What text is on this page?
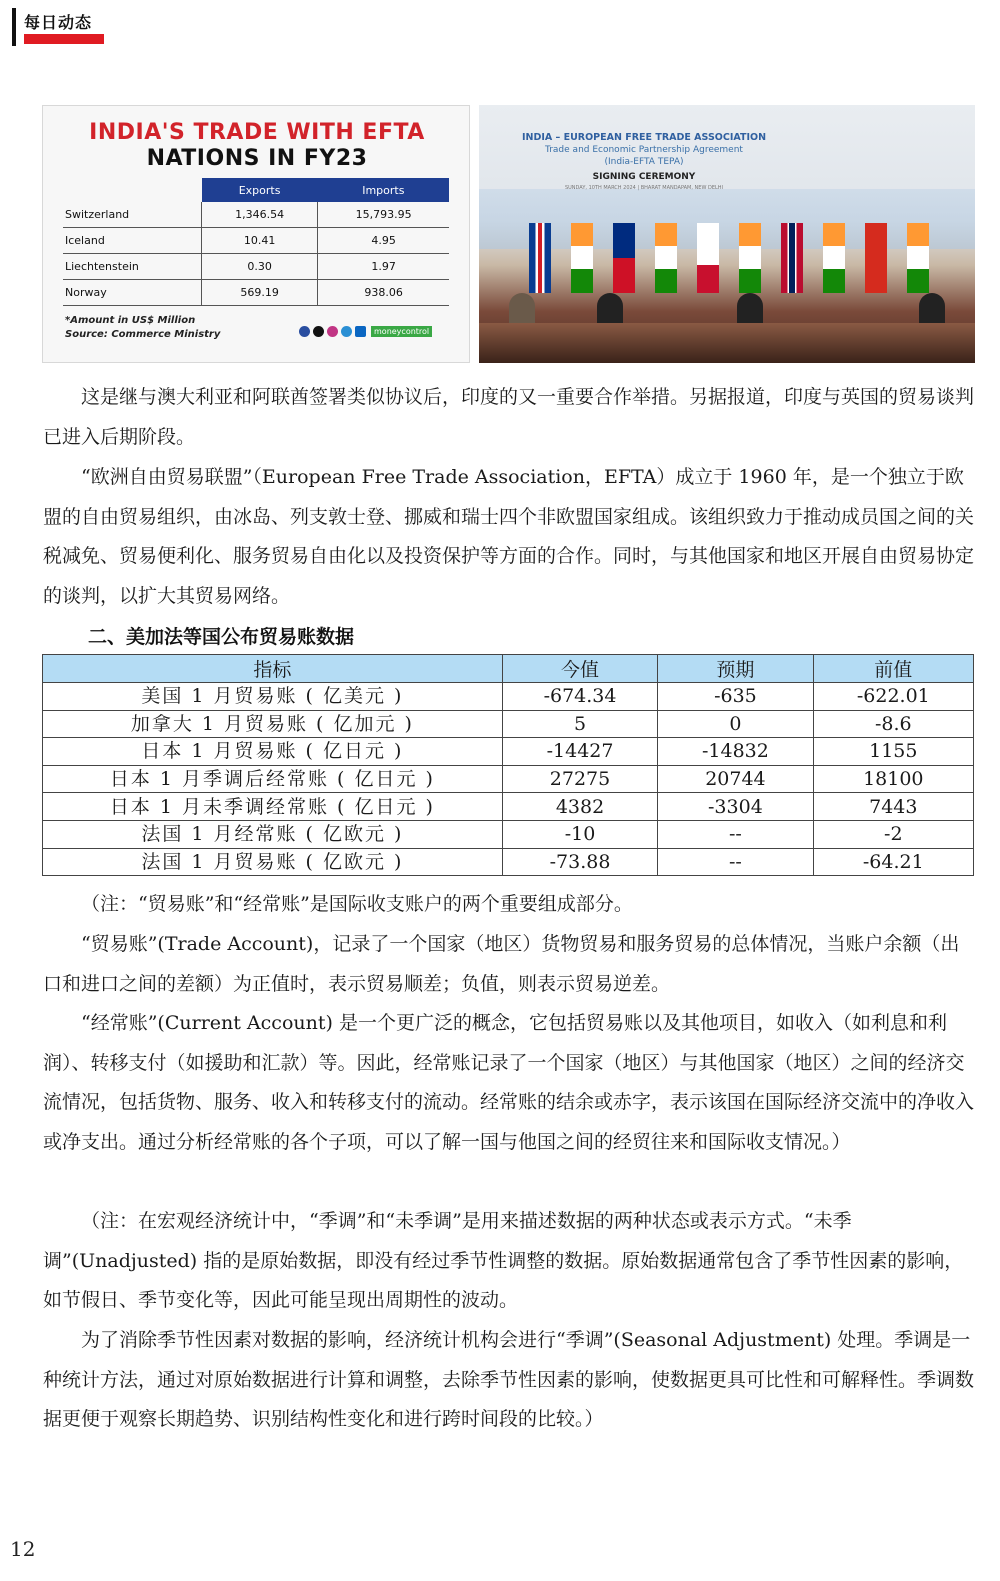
每日动态
INDIA'S TRADE WITH EFTA
NATIONS IN FY23
	Exports	Imports
Switzerland	1,346.54	15,793.95
Iceland	10.41	4.95
Liechtenstein	0.30	1.97
Norway	569.19	938.06
*Amount in US$ Million
Source: Commerce Ministry	moneycontrol
INDIA – EUROPEAN FREE TRADE ASSOCIATION
Trade and Economic Partnership Agreement
(India-EFTA TEPA)
SIGNING CEREMONY
SUNDAY, 10TH MARCH 2024 | BHARAT MANDAPAM, NEW DELHI

这是继与澳大利亚和阿联酋签署类似协议后，印度的又一重要合作举措。另据报道，印度与英国的贸易谈判已进入后期阶段。

“欧洲自由贸易联盟”（European Free Trade Association，EFTA）成立于 1960 年，是一个独立于欧盟的自由贸易组织，由冰岛、列支敦士登、挪威和瑞士四个非欧盟国家组成。该组织致力于推动成员国之间的关税减免、贸易便利化、服务贸易自由化以及投资保护等方面的合作。同时，与其他国家和地区开展自由贸易协定的谈判，以扩大其贸易网络。

二、美加法等国公布贸易账数据
指标	今值	预期	前值
美国 1 月贸易账 ( 亿美元 )	-674.34	-635	-622.01
加拿大 1 月贸易账 ( 亿加元 )	5	0	-8.6
日本 1 月贸易账 ( 亿日元 )	-14427	-14832	1155
日本 1 月季调后经常账 ( 亿日元 )	27275	20744	18100
日本 1 月未季调经常账 ( 亿日元 )	4382	-3304	7443
法国 1 月经常账 ( 亿欧元 )	-10	--	-2
法国 1 月贸易账 ( 亿欧元 )	-73.88	--	-64.21

（注：“贸易账”和“经常账”是国际收支账户的两个重要组成部分。

“贸易账”(Trade Account)，记录了一个国家（地区）货物贸易和服务贸易的总体情况，当账户余额（出口和进口之间的差额）为正值时，表示贸易顺差；负值，则表示贸易逆差。

“经常账”(Current Account) 是一个更广泛的概念，它包括贸易账以及其他项目，如收入（如利息和利润）、转移支付（如援助和汇款）等。因此，经常账记录了一个国家（地区）与其他国家（地区）之间的经济交流情况，包括货物、服务、收入和转移支付的流动。经常账的结余或赤字，表示该国在国际经济交流中的净收入或净支出。通过分析经常账的各个子项，可以了解一国与他国之间的经贸往来和国际收支情况。）

（注：在宏观经济统计中，“季调”和“未季调”是用来描述数据的两种状态或表示方式。“未季调”(Unadjusted) 指的是原始数据，即没有经过季节性调整的数据。原始数据通常包含了季节性因素的影响，如节假日、季节变化等，因此可能呈现出周期性的波动。

为了消除季节性因素对数据的影响，经济统计机构会进行“季调”(Seasonal Adjustment) 处理。季调是一种统计方法，通过对原始数据进行计算和调整，去除季节性因素的影响，使数据更具可比性和可解释性。季调数据更便于观察长期趋势、识别结构性变化和进行跨时间段的比较。）

12
